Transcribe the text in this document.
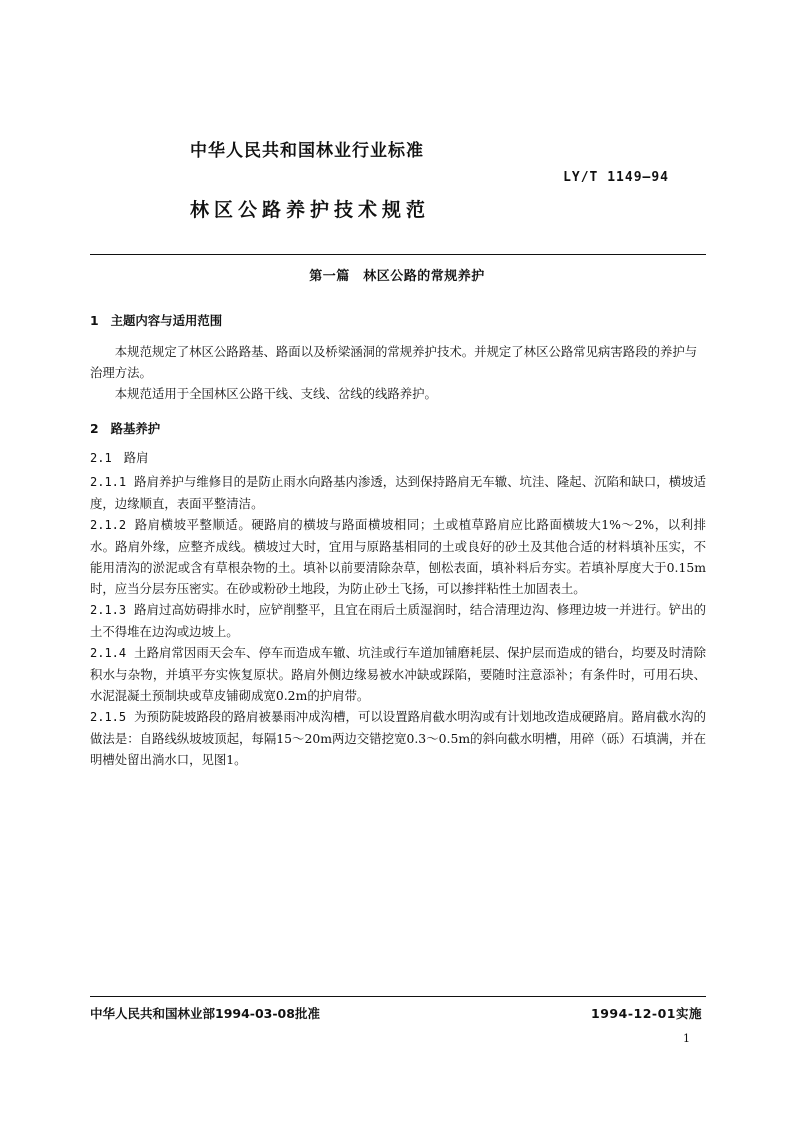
中华人民共和国林业行业标准
LY/T 1149—94
林区公路养护技术规范
第一篇　林区公路的常规养护
1 主题内容与适用范围

本规范规定了林区公路路基、路面以及桥梁涵洞的常规养护技术。并规定了林区公路常见病害路段的养护与治理方法。

本规范适用于全国林区公路干线、支线、岔线的线路养护。

2 路基养护
2.1 路肩

2.1.1 路肩养护与维修目的是防止雨水向路基内渗透，达到保持路肩无车辙、坑洼、隆起、沉陷和缺口，横坡适度，边缘顺直，表面平整清洁。

2.1.2 路肩横坡平整顺适。硬路肩的横坡与路面横坡相同；土或植草路肩应比路面横坡大1%～2%，以利排水。路肩外缘，应整齐成线。横坡过大时，宜用与原路基相同的土或良好的砂土及其他合适的材料填补压实，不能用清沟的淤泥或含有草根杂物的土。填补以前要清除杂草，刨松表面，填补料后夯实。若填补厚度大于0.15m时，应当分层夯压密实。在砂或粉砂土地段，为防止砂土飞扬，可以掺拌粘性土加固表土。

2.1.3 路肩过高妨碍排水时，应铲削整平，且宜在雨后土质湿润时，结合清理边沟、修理边坡一并进行。铲出的土不得堆在边沟或边坡上。

2.1.4 土路肩常因雨天会车、停车而造成车辙、坑洼或行车道加铺磨耗层、保护层而造成的错台，均要及时清除积水与杂物，并填平夯实恢复原状。路肩外侧边缘易被水冲缺或踩陷，要随时注意添补；有条件时，可用石块、水泥混凝土预制块或草皮铺砌成宽0.2m的护肩带。

2.1.5 为预防陡坡路段的路肩被暴雨冲成沟槽，可以设置路肩截水明沟或有计划地改造成硬路肩。路肩截水沟的做法是：自路线纵坡坡顶起，每隔15～20m两边交错挖宽0.3～0.5m的斜向截水明槽，用碎（砾）石填满，并在明槽处留出淌水口，见图1。

中华人民共和国林业部1994-03-08批准	1994-12-01实施
1
